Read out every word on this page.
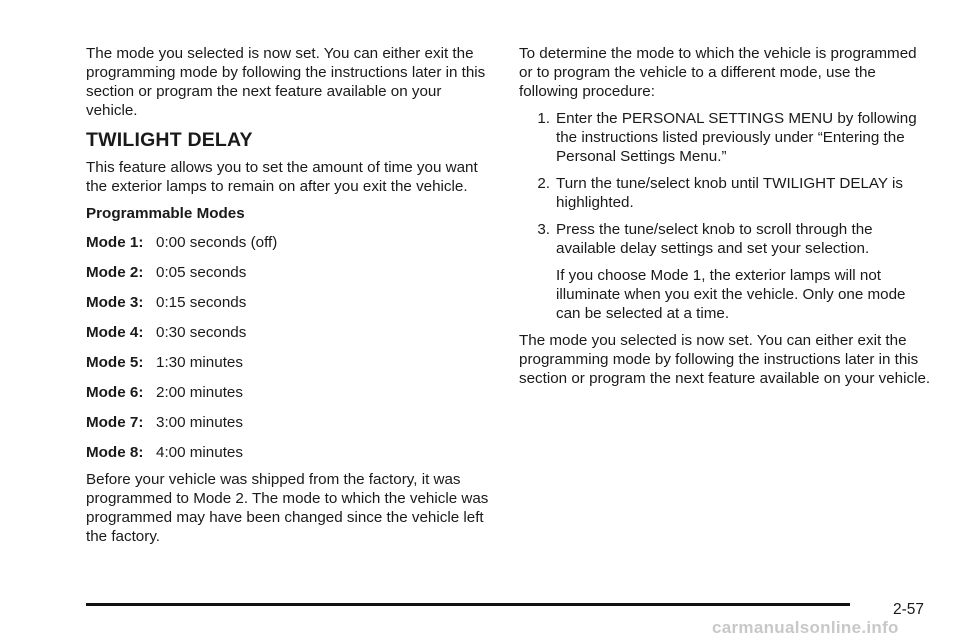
The mode you selected is now set. You can either exit the programming mode by following the instructions later in this section or program the next feature available on your vehicle.

TWILIGHT DELAY

This feature allows you to set the amount of time you want the exterior lamps to remain on after you exit the vehicle.

Programmable Modes
Mode 1: 0:00 seconds (off)
Mode 2: 0:05 seconds
Mode 3: 0:15 seconds
Mode 4: 0:30 seconds
Mode 5: 1:30 minutes
Mode 6: 2:00 minutes
Mode 7: 3:00 minutes
Mode 8: 4:00 minutes

Before your vehicle was shipped from the factory, it was programmed to Mode 2. The mode to which the vehicle was programmed may have been changed since the vehicle left the factory.

To determine the mode to which the vehicle is programmed or to program the vehicle to a different mode, use the following procedure:

1. Enter the PERSONAL SETTINGS MENU by following the instructions listed previously under “Entering the Personal Settings Menu.”

2. Turn the tune/select knob until TWILIGHT DELAY is highlighted.

3. Press the tune/select knob to scroll through the available delay settings and set your selection.

If you choose Mode 1, the exterior lamps will not illuminate when you exit the vehicle. Only one mode can be selected at a time.

The mode you selected is now set. You can either exit the programming mode by following the instructions later in this section or program the next feature available on your vehicle.

2-57
carmanualsonline.info
